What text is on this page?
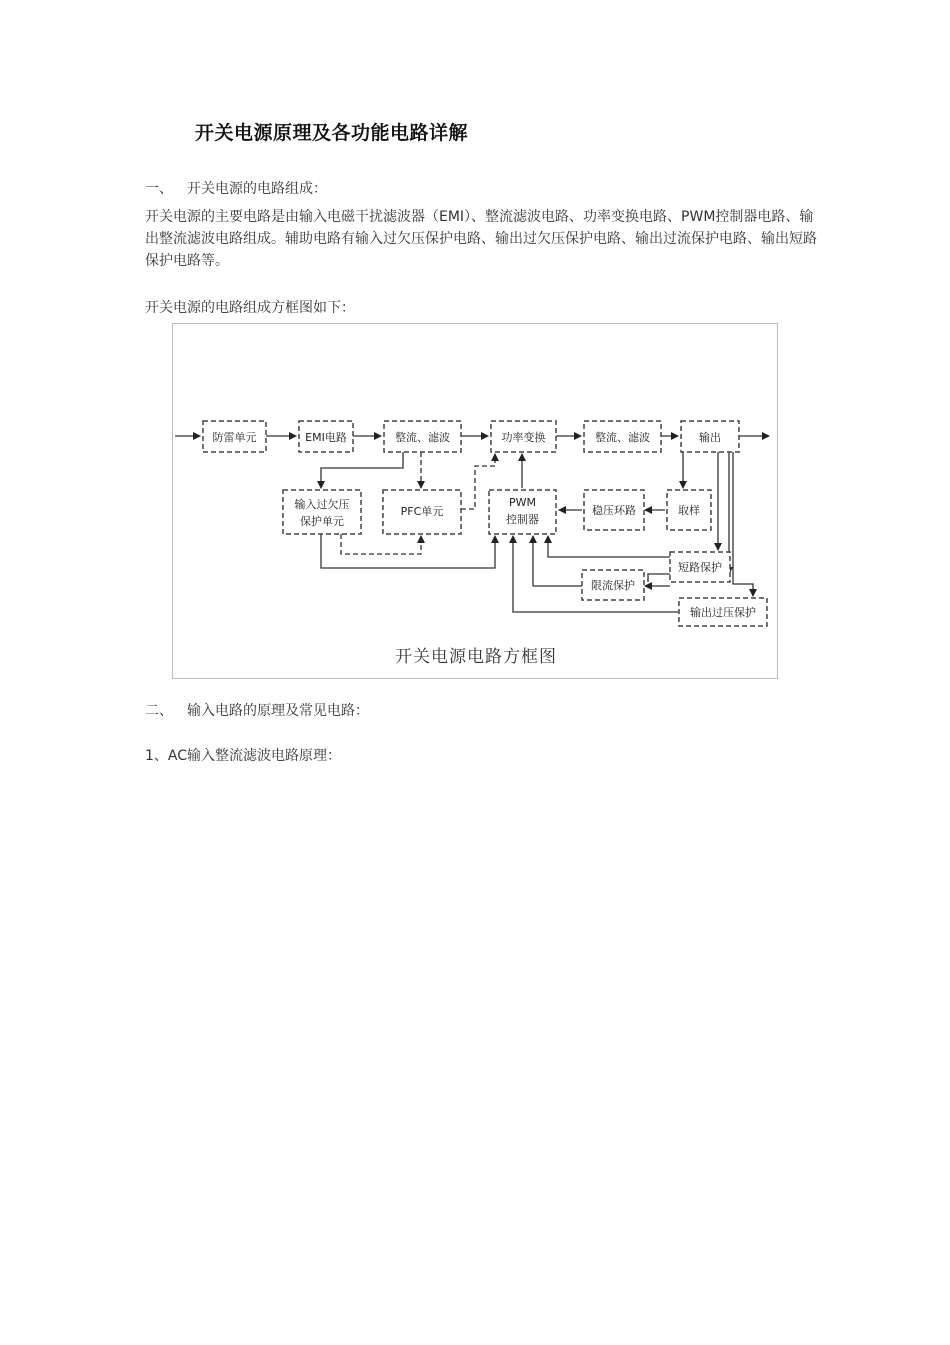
开关电源原理及各功能电路详解
一、 开关电源的电路组成：
开关电源的主要电路是由输入电磁干扰滤波器（EMI）、整流滤波电路、功率变换电路、PWM控制器电路、输出整流滤波电路组成。辅助电路有输入过欠压保护电路、输出过欠压保护电路、输出过流保护电路、输出短路保护电路等。
开关电源的电路组成方框图如下：
防雷单元	EMI电路	整流、滤波	功率变换	整流、滤波	输出
输入过欠压
保护单元
PFC单元
PWM
控制器
稳压环路	取样
短路保护
限流保护
输出过压保护
开关电源电路方框图
二、 输入电路的原理及常见电路：
1、AC输入整流滤波电路原理：
